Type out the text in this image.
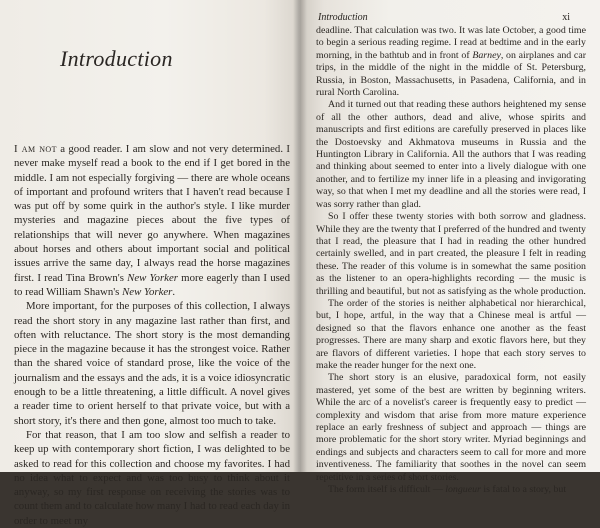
Introduction

I am not a good reader. I am slow and not very determined. I never make myself read a book to the end if I get bored in the middle. I am not especially forgiving — there are whole oceans of important and profound writers that I haven't read because I was put off by some quirk in the author's style. I like murder mysteries and magazine pieces about the five types of relationships that will never go anywhere. When magazines about horses and others about important social and political issues arrive the same day, I always read the horse magazines first. I read Tina Brown's New Yorker more eagerly than I used to read William Shawn's New Yorker.

More important, for the purposes of this collection, I always read the short story in any magazine last rather than first, and often with reluctance. The short story is the most demanding piece in the magazine because it has the strongest voice. Rather than the shared voice of standard prose, like the voice of the journalism and the essays and the ads, it is a voice idiosyncratic enough to be a little threatening, a little difficult. A novel gives a reader time to orient herself to that private voice, but with a short story, it's there and then gone, almost too much to take.

For that reason, that I am too slow and selfish a reader to keep up with contemporary short fiction, I was delighted to be asked to read for this collection and choose my favorites. I had no idea what to expect and was too busy to think about it anyway, so my first response on receiving the stories was to count them and to calculate how many I had to read each day in order to meet my

Introduction	xi

deadline. That calculation was two. It was late October, a good time to begin a serious reading regime. I read at bedtime and in the early morning, in the bathtub and in front of Barney, on airplanes and car trips, in the middle of the night in the middle of St. Petersburg, Russia, in Boston, Massachusetts, in Pasadena, California, and in rural North Carolina.

And it turned out that reading these authors heightened my sense of all the other authors, dead and alive, whose spirits and manuscripts and first editions are carefully preserved in places like the Dostoevsky and Akhmatova museums in Russia and the Huntington Library in California. All the authors that I was reading and thinking about seemed to enter into a lively dialogue with one another, and to fertilize my inner life in a pleasing and invigorating way, so that when I met my deadline and all the stories were read, I was sorry rather than glad.

So I offer these twenty stories with both sorrow and gladness. While they are the twenty that I preferred of the hundred and twenty that I read, the pleasure that I had in reading the other hundred certainly swelled, and in part created, the pleasure I felt in reading these. The reader of this volume is in somewhat the same position as the listener to an opera-highlights recording — the music is thrilling and beautiful, but not as satisfying as the whole production.

The order of the stories is neither alphabetical nor hierarchical, but, I hope, artful, in the way that a Chinese meal is artful — designed so that the flavors enhance one another as the feast progresses. There are many sharp and exotic flavors here, but they are flavors of different varieties. I hope that each story serves to make the reader hunger for the next one.

The short story is an elusive, paradoxical form, not easily mastered, yet some of the best are written by beginning writers. While the arc of a novelist's career is frequently easy to predict — complexity and wisdom that arise from more mature experience replace an early freshness of subject and approach — things are more problematic for the short story writer. Myriad beginnings and endings and subjects and characters seem to call for more and more inventiveness. The familiarity that soothes in the novel can seem repetitive in a series of short stories.

The form itself is difficult — longueur is fatal to a story, but
